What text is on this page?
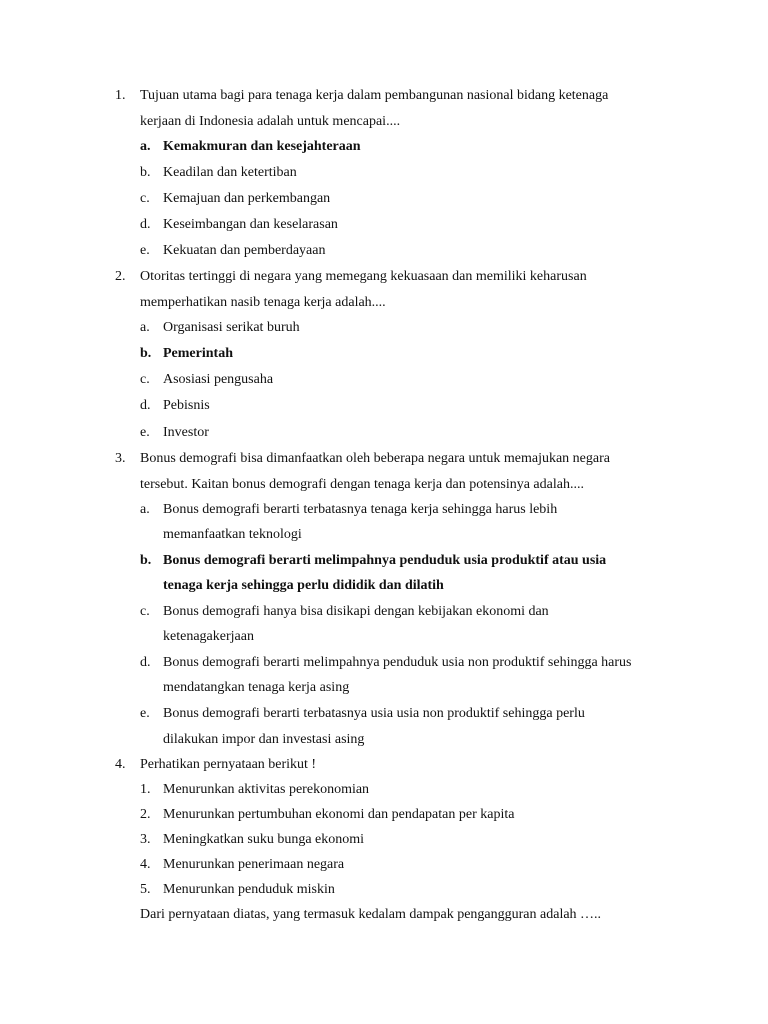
1.	Tujuan utama bagi para tenaga kerja dalam pembangunan nasional bidang ketenaga
kerjaan di Indonesia adalah untuk mencapai....
a. Kemakmuran dan kesejahteraan
b. Keadilan dan ketertiban
c. Kemajuan dan perkembangan
d. Keseimbangan dan keselarasan
e. Kekuatan dan pemberdayaan
2.	Otoritas tertinggi di negara yang memegang kekuasaan dan memiliki keharusan
memperhatikan nasib tenaga kerja adalah....
a. Organisasi serikat buruh
b. Pemerintah
c. Asosiasi pengusaha
d. Pebisnis
e. Investor
3.	Bonus demografi bisa dimanfaatkan oleh beberapa negara untuk memajukan negara
tersebut. Kaitan bonus demografi dengan tenaga kerja dan potensinya adalah....
a. Bonus demografi berarti terbatasnya tenaga kerja sehingga harus lebih
memanfaatkan teknologi
b. Bonus demografi berarti melimpahnya penduduk usia produktif atau usia
tenaga kerja sehingga perlu dididik dan dilatih
c. Bonus demografi hanya bisa disikapi dengan kebijakan ekonomi dan
ketenagakerjaan
d. Bonus demografi berarti melimpahnya penduduk usia non produktif sehingga harus
mendatangkan tenaga kerja asing
e. Bonus demografi berarti terbatasnya usia usia non produktif sehingga perlu
dilakukan impor dan investasi asing
4.	Perhatikan pernyataan berikut !
1. Menurunkan aktivitas perekonomian
2. Menurunkan pertumbuhan ekonomi dan pendapatan per kapita
3. Meningkatkan suku bunga ekonomi
4. Menurunkan penerimaan negara
5. Menurunkan penduduk miskin
Dari pernyataan diatas, yang termasuk kedalam dampak pengangguran adalah …..
